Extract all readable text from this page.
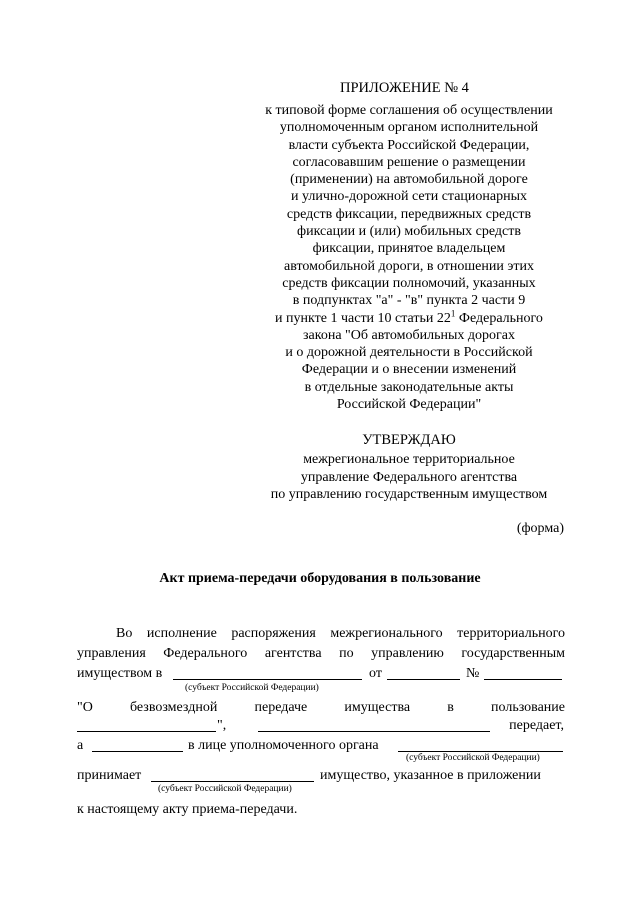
ПРИЛОЖЕНИЕ № 4
к типовой форме соглашения об осуществлении
уполномоченным органом исполнительной
власти субъекта Российской Федерации,
согласовавшим решение о размещении
(применении) на автомобильной дороге
и улично-дорожной сети стационарных
средств фиксации, передвижных средств
фиксации и (или) мобильных средств
фиксации, принятое владельцем
автомобильной дороги, в отношении этих
средств фиксации полномочий, указанных
в подпунктах "а" - "в" пункта 2 части 9
и пункте 1 части 10 статьи $22^1$ Федерального
закона "Об автомобильных дорогах
и о дорожной деятельности в Российской
Федерации и о внесении изменений
в отдельные законодательные акты
Российской Федерации"
УТВЕРЖДАЮ
межрегиональное территориальное
управление Федерального агентства
по управлению государственным имуществом
(форма)
Акт приема-передачи оборудования в пользование
Во исполнение распоряжения межрегионального территориального
управления Федерального агентства по управлению государственным
имуществом в	от	№
(субъект Российской Федерации)
"О	безвозмездной	передаче	имущества	в	пользование
",	передает,
а	в лице уполномоченного органа
(субъект Российской Федерации)
принимает	имущество, указанное в приложении
(субъект Российской Федерации)
к настоящему акту приема-передачи.
